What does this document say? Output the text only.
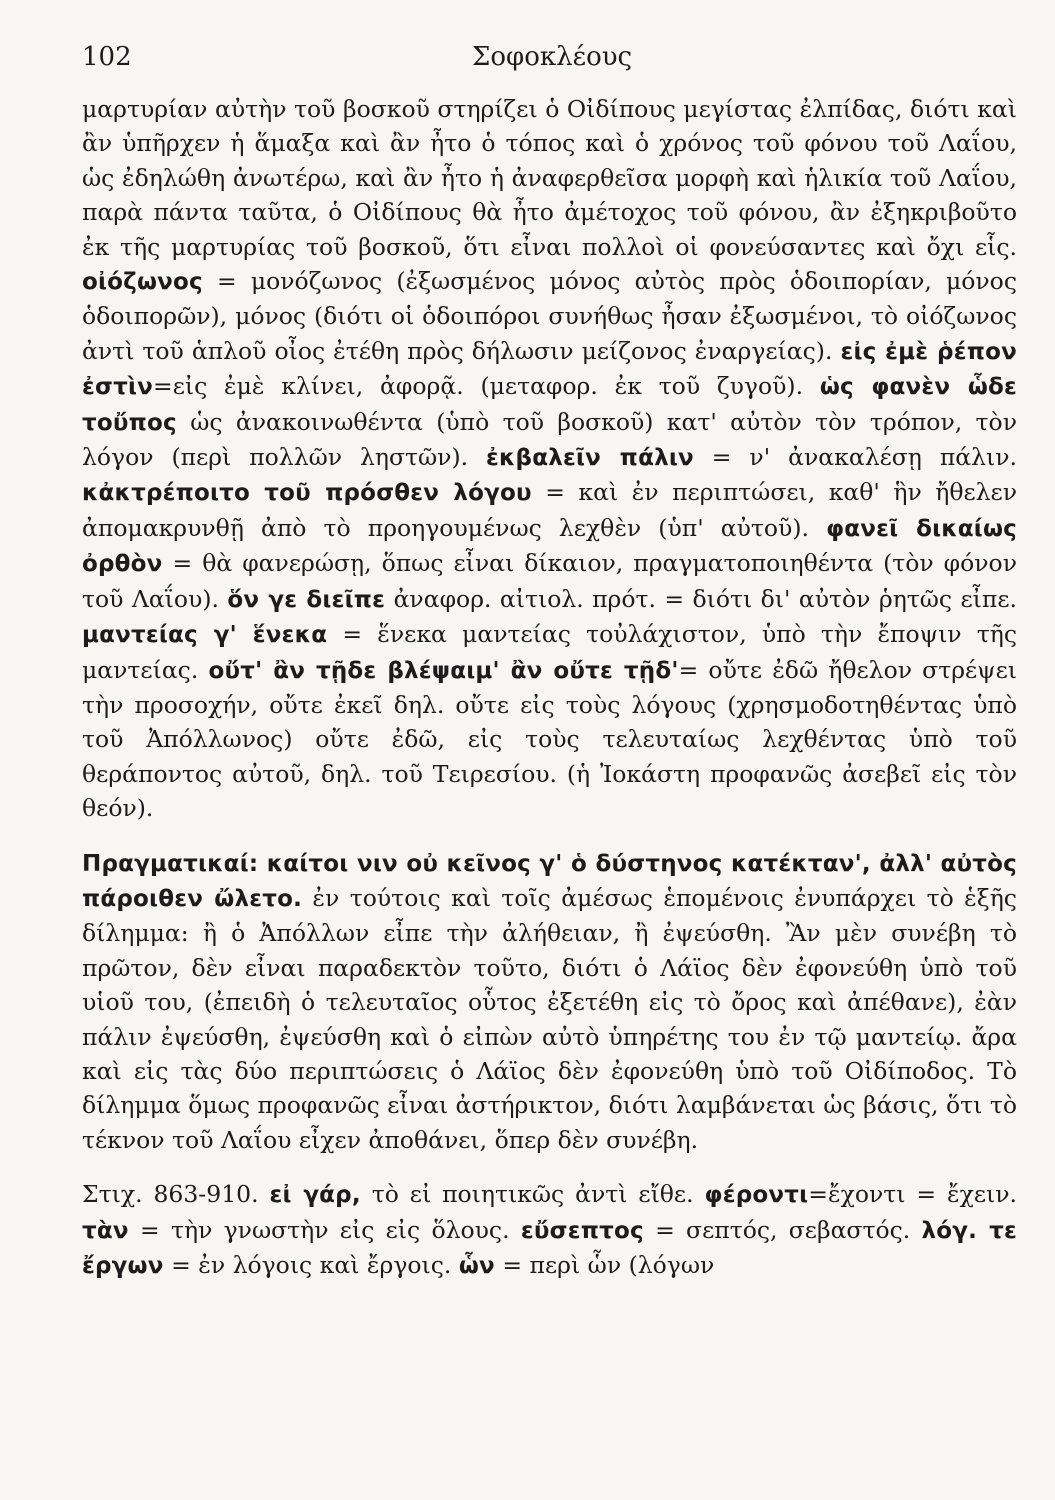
102	Σοφοκλέους

μαρτυρίαν αὐτὴν τοῦ βοσκοῦ στηρίζει ὁ Οἰδίπους μεγίστας ἐλπίδας, διότι καὶ ἂν ὑπῆρχεν ἡ ἅμαξα καὶ ἂν ἦτο ὁ τόπος καὶ ὁ χρόνος τοῦ φόνου τοῦ Λαΐου, ὡς ἐδηλώθη ἀνωτέρω, καὶ ἂν ἦτο ἡ ἀναφερθεῖσα μορφὴ καὶ ἡλικία τοῦ Λαΐου, παρὰ πάντα ταῦτα, ὁ Οἰδίπους θὰ ἦτο ἀμέτοχος τοῦ φόνου, ἂν ἐξηκριβοῦτο ἐκ τῆς μαρτυρίας τοῦ βοσκοῦ, ὅτι εἶναι πολλοὶ οἱ φονεύσαντες καὶ ὄχι εἷς. οἰόζωνος = μονόζωνος (ἐξωσμένος μόνος αὐτὸς πρὸς ὁδοιπορίαν, μόνος ὁδοιπορῶν), μόνος (διότι οἱ ὁδοιπόροι συνήθως ἦσαν ἐξωσμένοι, τὸ οἰόζωνος ἀντὶ τοῦ ἁπλοῦ οἶος ἐτέθη πρὸς δήλωσιν μείζονος ἐναργείας). εἰς ἐμὲ ῥέπον ἐστὶν=εἰς ἐμὲ κλίνει, ἀφορᾷ. (μεταφορ. ἐκ τοῦ ζυγοῦ). ὡς φανὲν ὧδε τοὔπος ὡς ἀνακοινωθέντα (ὑπὸ τοῦ βοσκοῦ) κατ' αὐτὸν τὸν τρόπον, τὸν λόγον (περὶ πολλῶν ληστῶν). ἐκβαλεῖν πάλιν = ν' ἀνακαλέσῃ πάλιν. κἀκτρέποιτο τοῦ πρόσθεν λόγου = καὶ ἐν περιπτώσει, καθ' ἣν ἤθελεν ἀπομακρυνθῇ ἀπὸ τὸ προηγουμένως λεχθὲν (ὑπ' αὐτοῦ). φανεῖ δικαίως ὀρθὸν = θὰ φανερώσῃ, ὅπως εἶναι δίκαιον, πραγματοποιηθέντα (τὸν φόνον τοῦ Λαΐου). ὅν γε διεῖπε ἀναφορ. αἰτιολ. πρότ. = διότι δι' αὐτὸν ῥητῶς εἶπε. μαντείας γ' ἕνεκα = ἕνεκα μαντείας τοὐλάχιστον, ὑπὸ τὴν ἔποψιν τῆς μαντείας. οὔτ' ἂν τῇδε βλέψαιμ' ἂν οὔτε τῇδ'= οὔτε ἐδῶ ἤθελον στρέψει τὴν προσοχήν, οὔτε ἐκεῖ δηλ. οὔτε εἰς τοὺς λόγους (χρησμοδοτηθέντας ὑπὸ τοῦ Ἀπόλλωνος) οὔτε ἐδῶ, εἰς τοὺς τελευταίως λεχθέντας ὑπὸ τοῦ θεράποντος αὐτοῦ, δηλ. τοῦ Τειρεσίου. (ἡ Ἰοκάστη προφανῶς ἀσεβεῖ εἰς τὸν θεόν).

Πραγματικαί: καίτοι νιν οὐ κεῖνος γ' ὁ δύστηνος κατέκταν', ἀλλ' αὐτὸς πάροιθεν ὤλετο. ἐν τούτοις καὶ τοῖς ἀμέσως ἑπομένοις ἐνυπάρχει τὸ ἑξῆς δίλημμα: ἢ ὁ Ἀπόλλων εἶπε τὴν ἀλήθειαν, ἢ ἐψεύσθη. Ἂν μὲν συνέβη τὸ πρῶτον, δὲν εἶναι παραδεκτὸν τοῦτο, διότι ὁ Λάϊος δὲν ἐφονεύθη ὑπὸ τοῦ υἱοῦ του, (ἐπειδὴ ὁ τελευταῖος οὗτος ἐξετέθη εἰς τὸ ὄρος καὶ ἀπέθανε), ἐὰν πάλιν ἐψεύσθη, ἐψεύσθη καὶ ὁ εἰπὼν αὐτὸ ὑπηρέτης του ἐν τῷ μαντείῳ. ἄρα καὶ εἰς τὰς δύο περιπτώσεις ὁ Λάϊος δὲν ἐφονεύθη ὑπὸ τοῦ Οἰδίποδος. Τὸ δίλημμα ὅμως προφανῶς εἶναι ἀστήρικτον, διότι λαμβάνεται ὡς βάσις, ὅτι τὸ τέκνον τοῦ Λαΐου εἶχεν ἀποθάνει, ὅπερ δὲν συνέβη.

Στιχ. 863-910. εἰ γάρ, τὸ εἰ ποιητικῶς ἀντὶ εἴθε. φέροντι=ἔχοντι = ἔχειν. τὰν = τὴν γνωστὴν εἰς εἰς ὅλους. εὔσεπτος = σεπτός, σεβαστός. λόγ. τε ἔργων = ἐν λόγοις καὶ ἔργοις. ὧν = περὶ ὧν (λόγων
